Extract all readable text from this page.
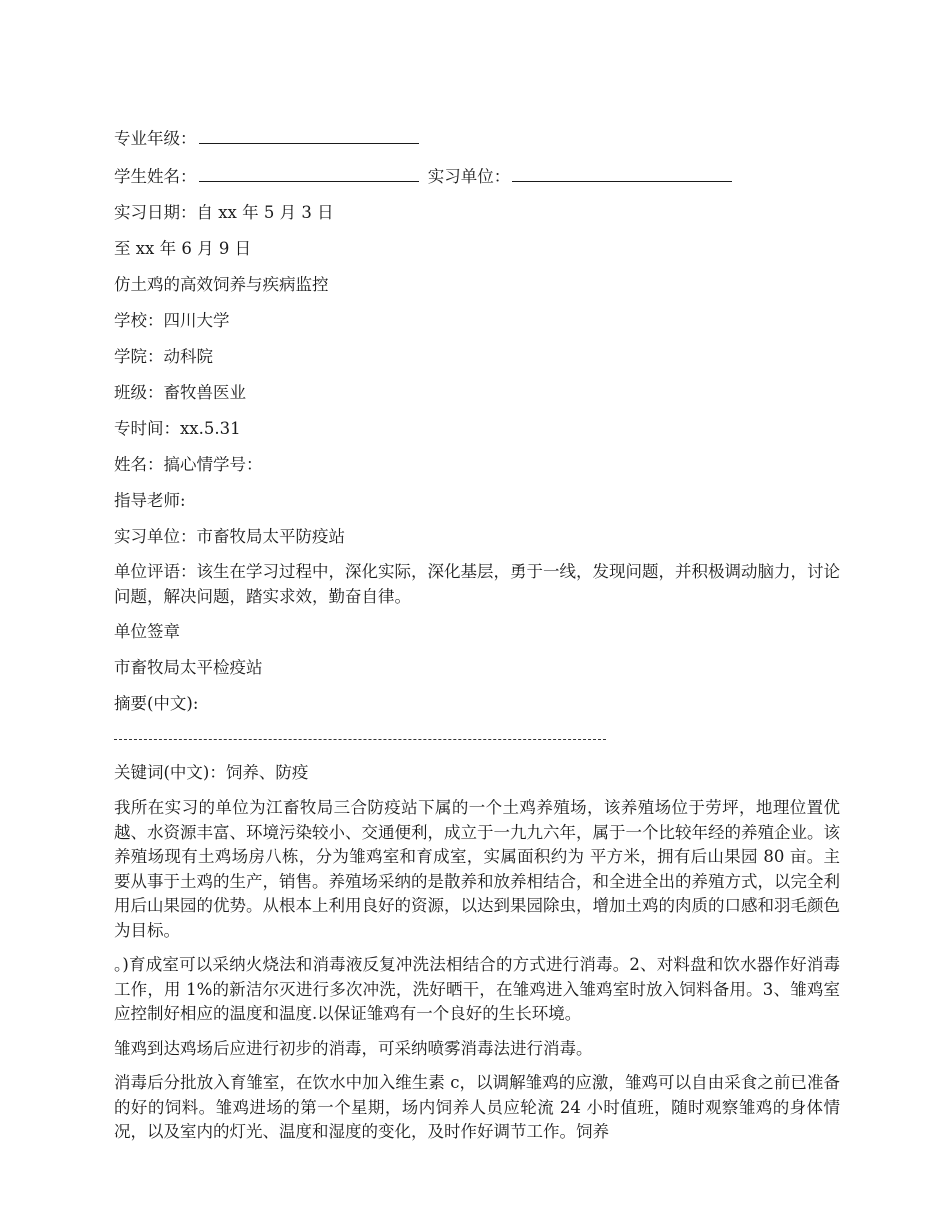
专业年级：
学生姓名：	实习单位：
实习日期：自 xx 年 5 月 3 日
至 xx 年 6 月 9 日
仿土鸡的高效饲养与疾病监控
学校：四川大学
学院：动科院
班级：畜牧兽医业
专时间：xx.5.31
姓名：搞心情学号：
指导老师:
实习单位：市畜牧局太平防疫站
单位评语：该生在学习过程中，深化实际，深化基层，勇于一线，发现问题，并积极调动脑力，讨论问题，解决问题，踏实求效，勤奋自律。
单位签章
市畜牧局太平检疫站
摘要(中文):
关键词(中文)：饲养、防疫
我所在实习的单位为江畜牧局三合防疫站下属的一个土鸡养殖场，该养殖场位于劳坪，地理位置优越、水资源丰富、环境污染较小、交通便利，成立于一九九六年，属于一个比较年经的养殖企业。该养殖场现有土鸡场房八栋，分为雏鸡室和育成室，实属面积约为 平方米，拥有后山果园 80 亩。主要从事于土鸡的生产，销售。养殖场采纳的是散养和放养相结合，和全进全出的养殖方式，以完全利用后山果园的优势。从根本上利用良好的资源，以达到果园除虫，增加土鸡的肉质的口感和羽毛颜色为目标。
。)育成室可以采纳火烧法和消毒液反复冲洗法相结合的方式进行消毒。2、对料盘和饮水器作好消毒工作，用 1%的新洁尔灭进行多次冲洗，洗好晒干，在雏鸡进入雏鸡室时放入饲料备用。3、雏鸡室应控制好相应的温度和温度.以保证雏鸡有一个良好的生长环境。
雏鸡到达鸡场后应进行初步的消毒，可采纳喷雾消毒法进行消毒。
消毒后分批放入育雏室，在饮水中加入维生素 c，以调解雏鸡的应激，雏鸡可以自由采食之前已准备的好的饲料。雏鸡进场的第一个星期，场内饲养人员应轮流 24 小时值班，随时观察雏鸡的身体情况，以及室内的灯光、温度和湿度的变化，及时作好调节工作。饲养
